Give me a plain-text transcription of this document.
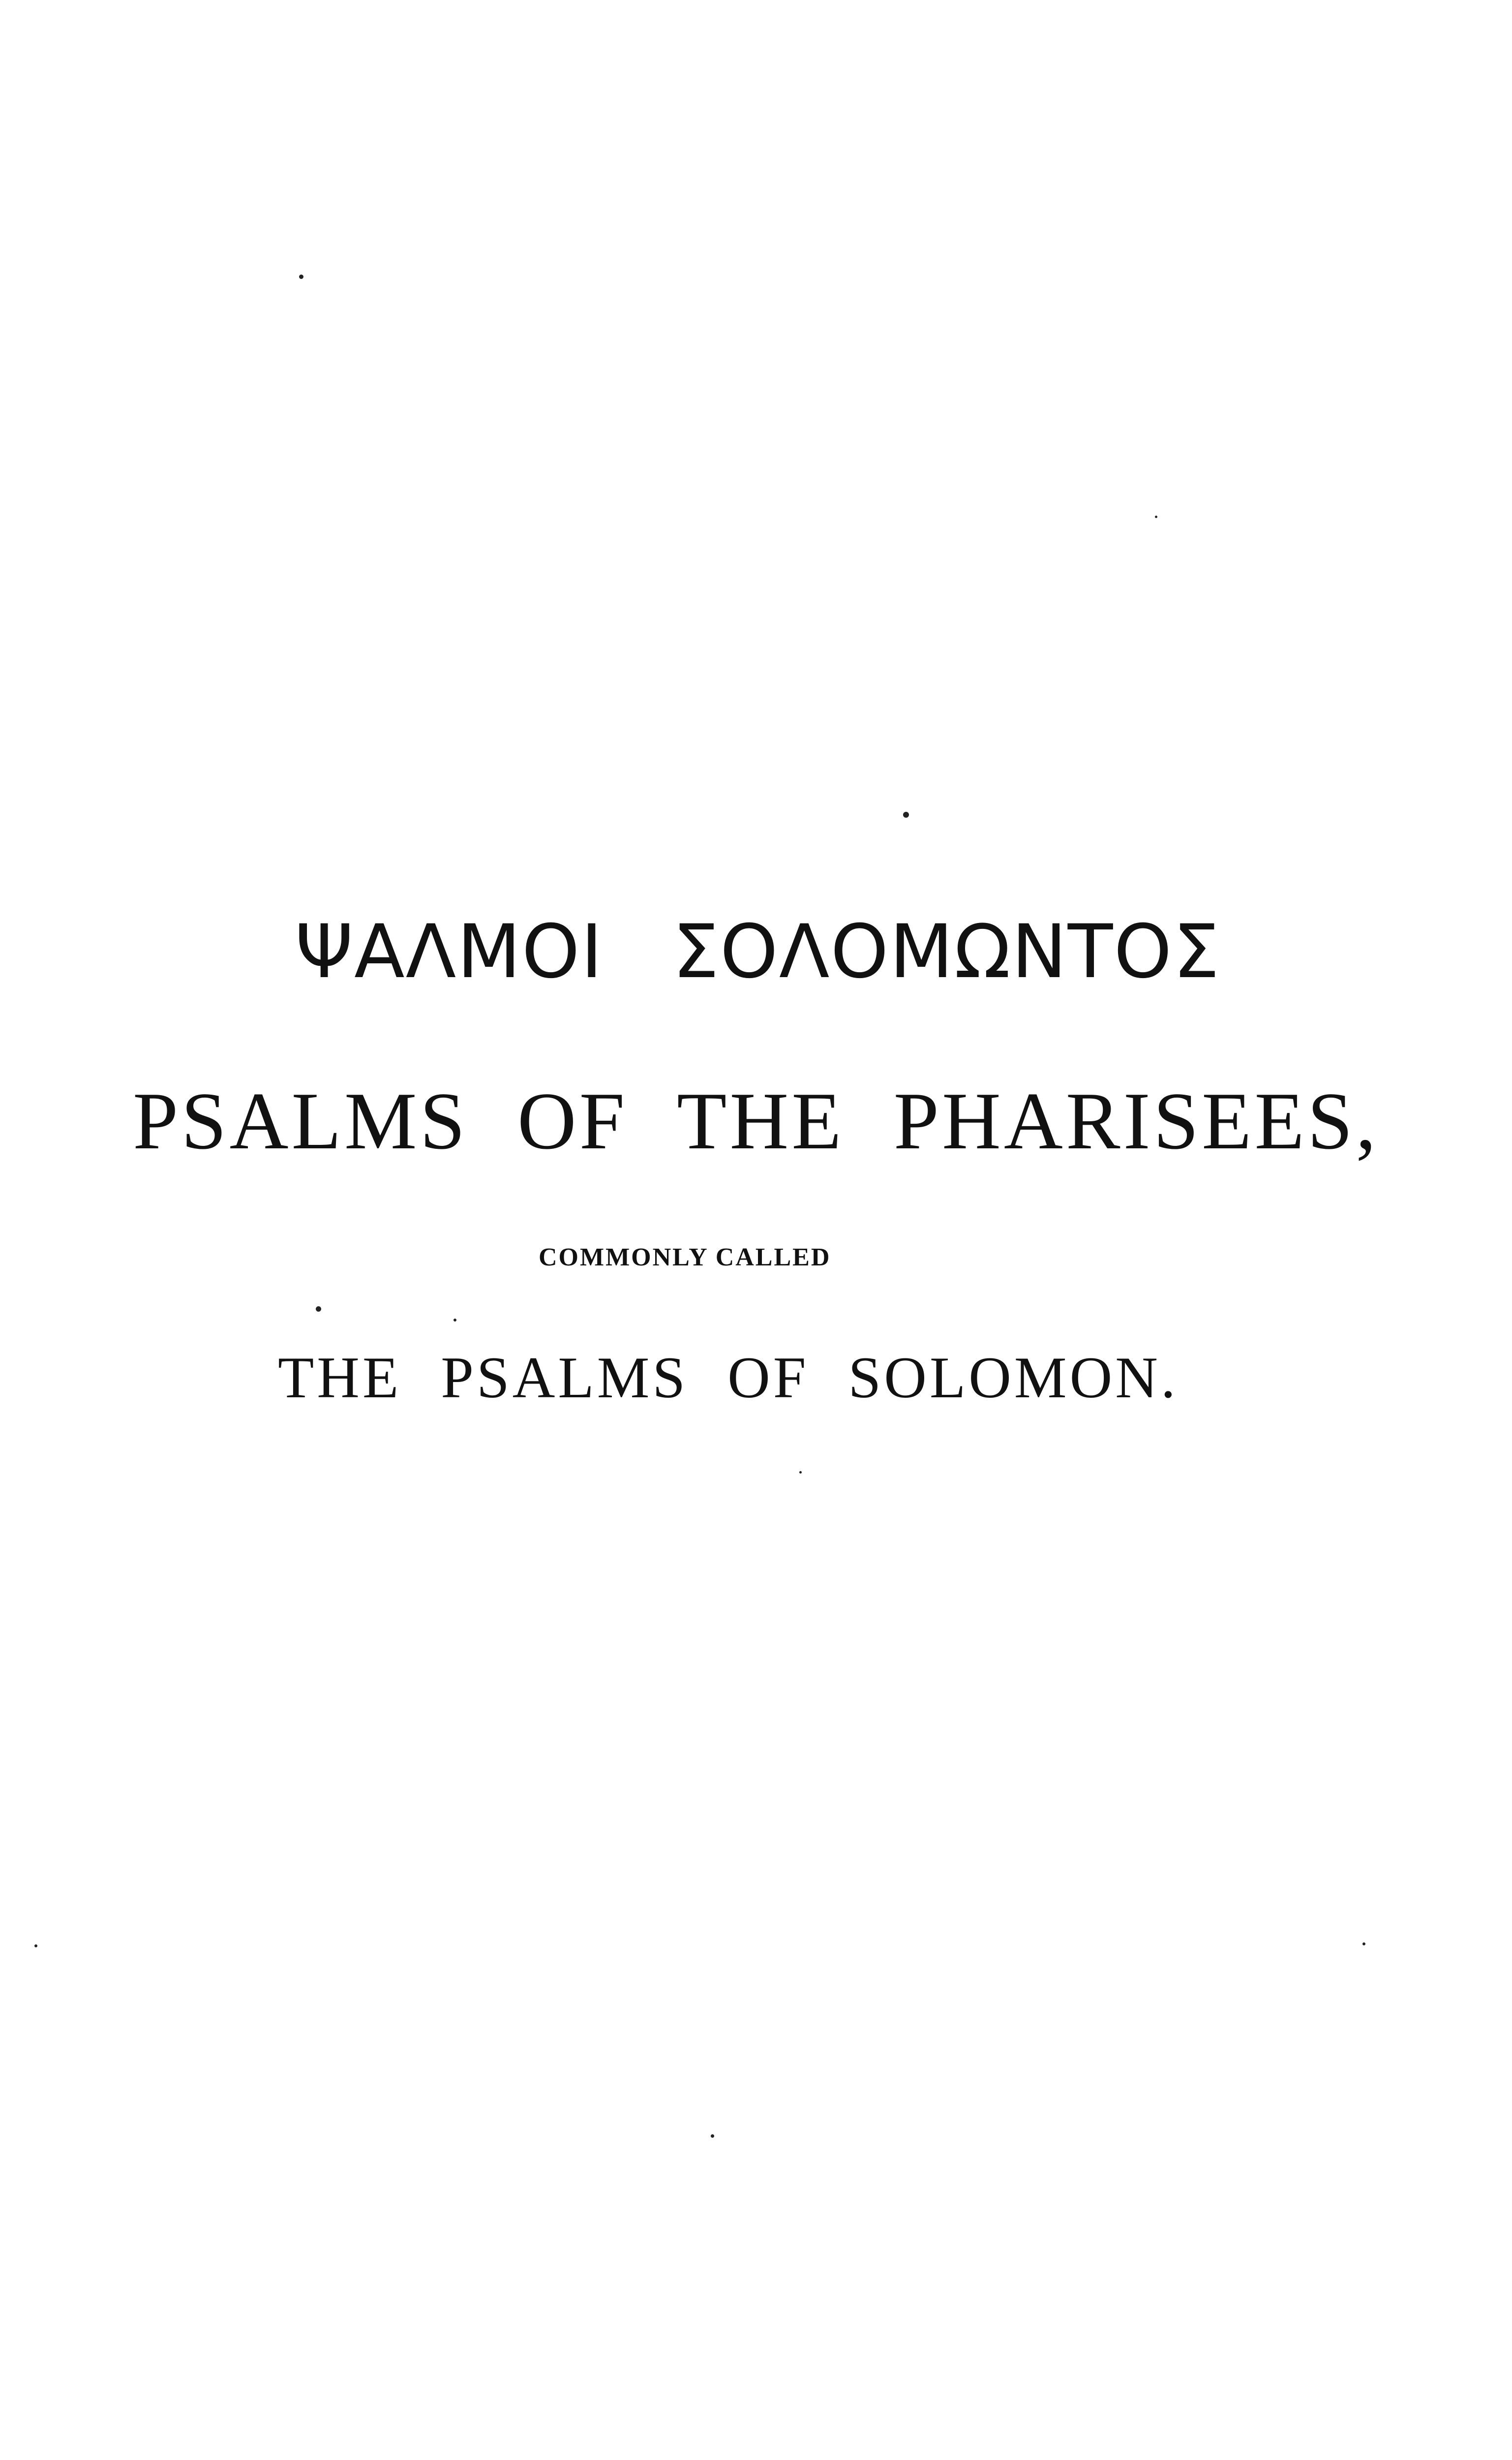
ΨΑΛΜΟΙ ΣΟΛΟΜΩΝΤΟΣ
PSALMS OF THE PHARISEES,
COMMONLY CALLED
THE PSALMS OF SOLOMON.
